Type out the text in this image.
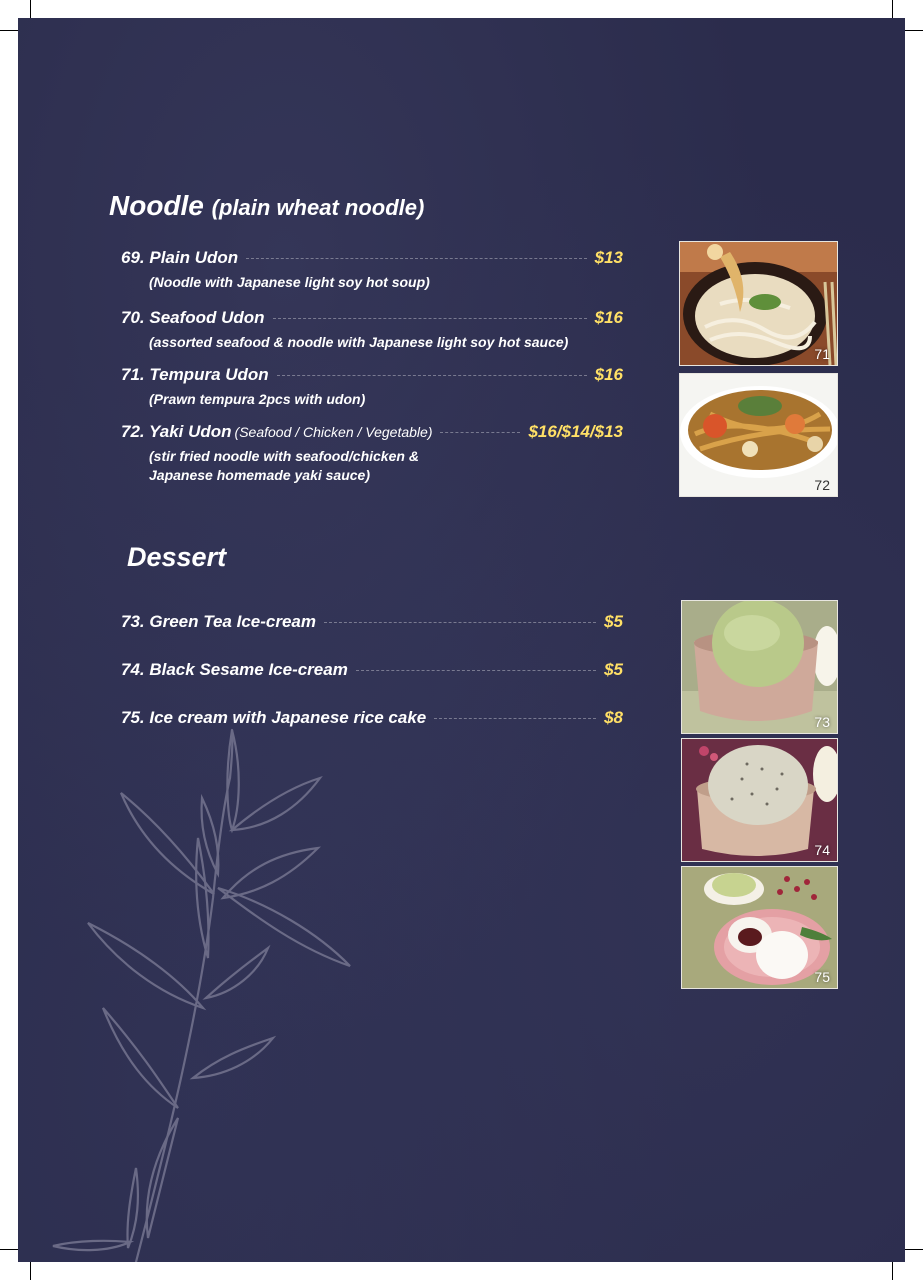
Noodle (plain wheat noodle)
69. Plain Udon	$13
(Noodle with Japanese light soy hot soup)
70. Seafood Udon	$16
(assorted seafood & noodle with Japanese light soy hot sauce)
71. Tempura Udon	$16
(Prawn tempura 2pcs with udon)
72. Yaki Udon (Seafood / Chicken / Vegetable)	$16/$14/$13
(stir fried noodle with seafood/chicken & Japanese homemade yaki sauce)
Dessert
73. Green Tea Ice-cream	$5
74. Black Sesame Ice-cream	$5
75. Ice cream with Japanese rice cake	$8
71
72
73
74
75
